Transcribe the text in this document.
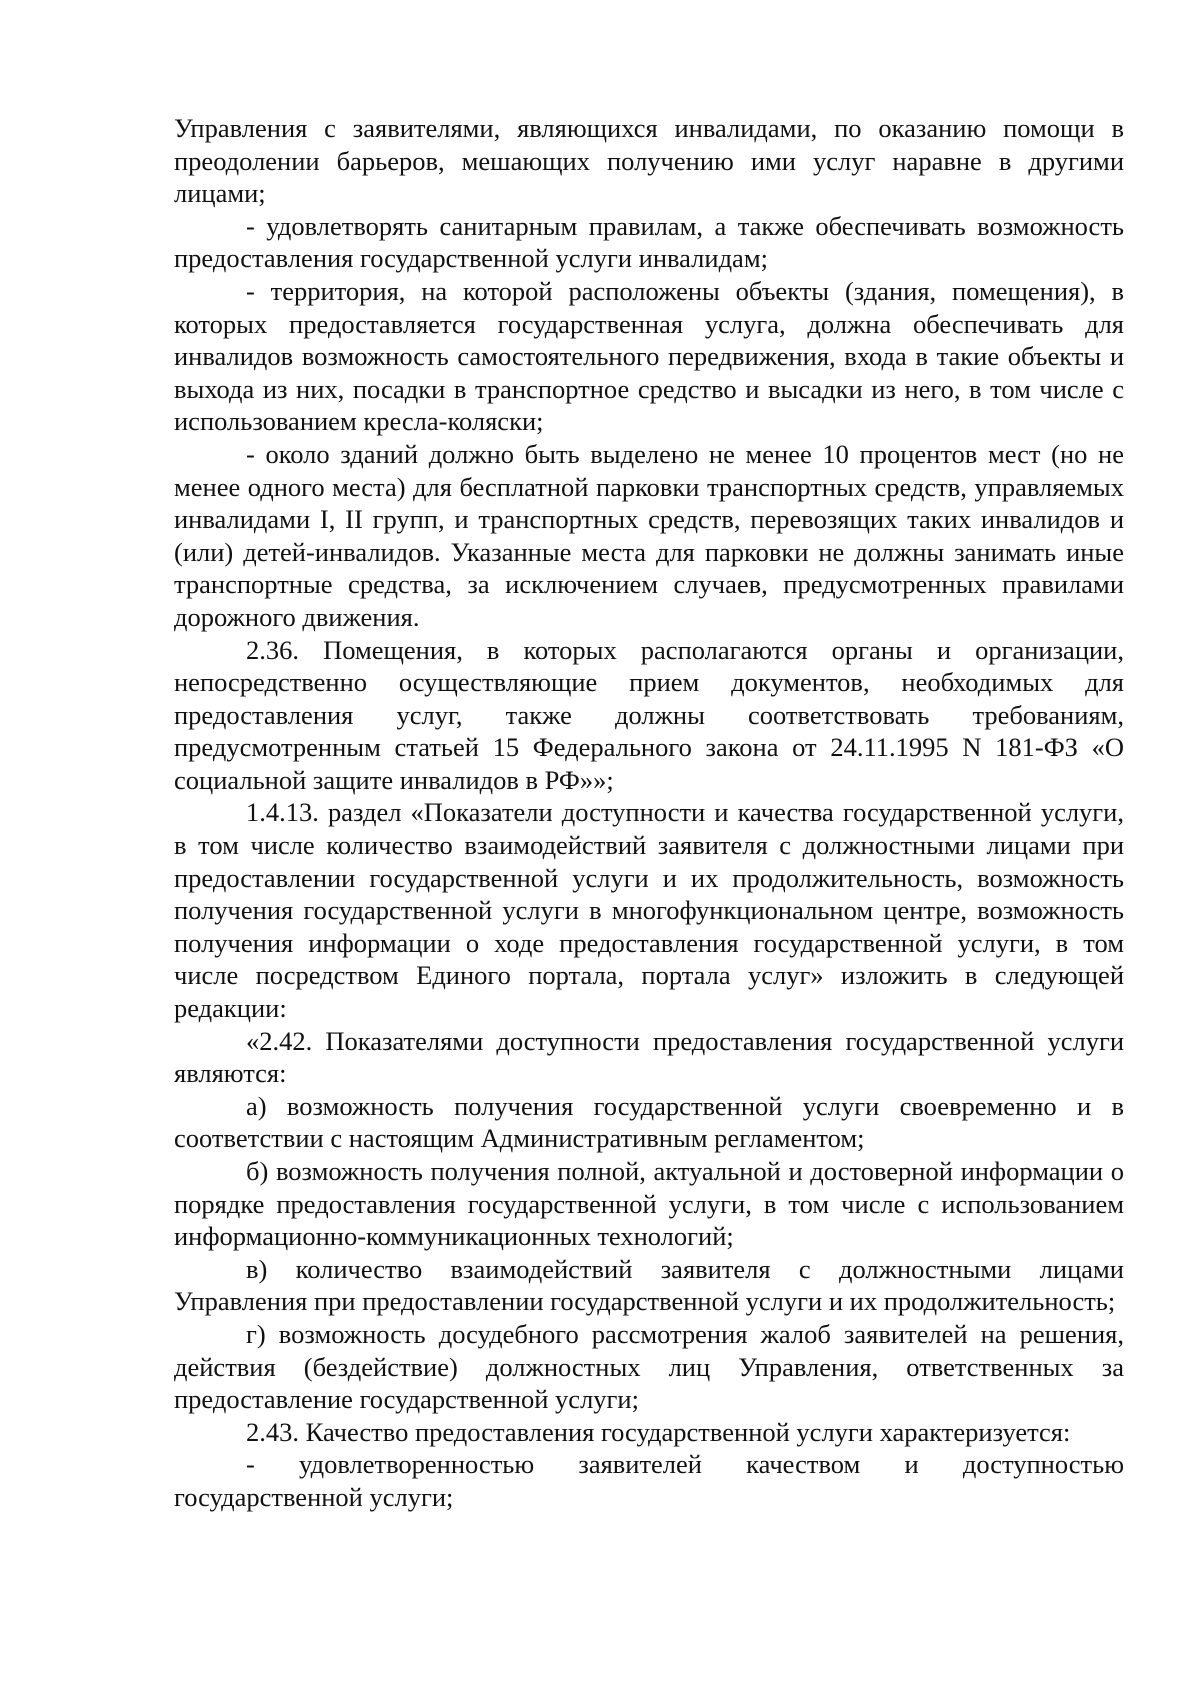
Управления с заявителями, являющихся инвалидами, по оказанию помощи в преодолении барьеров, мешающих получению ими услуг наравне в другими лицами;

- удовлетворять санитарным правилам, а также обеспечивать возможность предоставления государственной услуги инвалидам;

- территория, на которой расположены объекты (здания, помещения), в которых предоставляется государственная услуга, должна обеспечивать для инвалидов возможность самостоятельного передвижения, входа в такие объекты и выхода из них, посадки в транспортное средство и высадки из него, в том числе с использованием кресла-коляски;

- около зданий должно быть выделено не менее 10 процентов мест (но не менее одного места) для бесплатной парковки транспортных средств, управляемых инвалидами I, II групп, и транспортных средств, перевозящих таких инвалидов и (или) детей-инвалидов. Указанные места для парковки не должны занимать иные транспортные средства, за исключением случаев, предусмотренных правилами дорожного движения.

2.36. Помещения, в которых располагаются органы и организации, непосредственно осуществляющие прием документов, необходимых для предоставления услуг, также должны соответствовать требованиям, предусмотренным статьей 15 Федерального закона от 24.11.1995 N 181-ФЗ «О социальной защите инвалидов в РФ»»;

1.4.13. раздел «Показатели доступности и качества государственной услуги, в том числе количество взаимодействий заявителя с должностными лицами при предоставлении государственной услуги и их продолжительность, возможность получения государственной услуги в многофункциональном центре, возможность получения информации о ходе предоставления государственной услуги, в том числе посредством Единого портала, портала услуг» изложить в следующей редакции:

«2.42. Показателями доступности предоставления государственной услуги являются:

а) возможность получения государственной услуги своевременно и в соответствии с настоящим Административным регламентом;

б) возможность получения полной, актуальной и достоверной информации о порядке предоставления государственной услуги, в том числе с использованием информационно-коммуникационных технологий;

в) количество взаимодействий заявителя с должностными лицами Управления при предоставлении государственной услуги и их продолжительность;

г) возможность досудебного рассмотрения жалоб заявителей на решения, действия (бездействие) должностных лиц Управления, ответственных за предоставление государственной услуги;

2.43. Качество предоставления государственной услуги характеризуется:

- удовлетворенностью заявителей качеством и доступностью государственной услуги;
